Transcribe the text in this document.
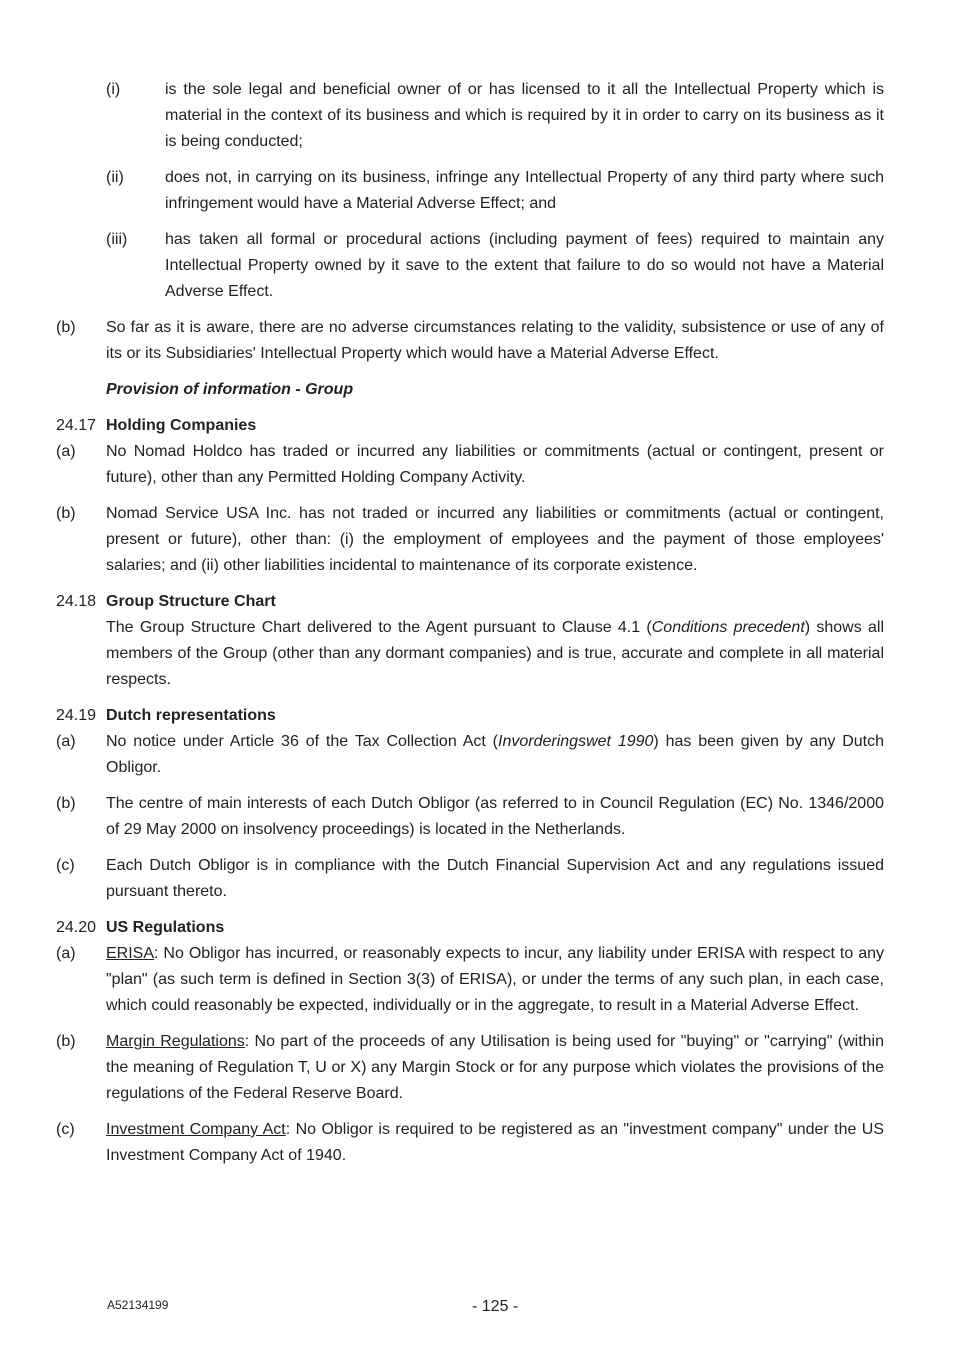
(i)	is the sole legal and beneficial owner of or has licensed to it all the Intellectual Property which is material in the context of its business and which is required by it in order to carry on its business as it is being conducted;
(ii)	does not, in carrying on its business, infringe any Intellectual Property of any third party where such infringement would have a Material Adverse Effect; and
(iii)	has taken all formal or procedural actions (including payment of fees) required to maintain any Intellectual Property owned by it save to the extent that failure to do so would not have a Material Adverse Effect.
(b)	So far as it is aware, there are no adverse circumstances relating to the validity, subsistence or use of any of its or its Subsidiaries' Intellectual Property which would have a Material Adverse Effect.
Provision of information - Group
24.17 Holding Companies
(a)	No Nomad Holdco has traded or incurred any liabilities or commitments (actual or contingent, present or future), other than any Permitted Holding Company Activity.
(b)	Nomad Service USA Inc. has not traded or incurred any liabilities or commitments (actual or contingent, present or future), other than: (i) the employment of employees and the payment of those employees' salaries; and (ii) other liabilities incidental to maintenance of its corporate existence.
24.18 Group Structure Chart
The Group Structure Chart delivered to the Agent pursuant to Clause 4.1 (Conditions precedent) shows all members of the Group (other than any dormant companies) and is true, accurate and complete in all material respects.
24.19 Dutch representations
(a)	No notice under Article 36 of the Tax Collection Act (Invorderingswet 1990) has been given by any Dutch Obligor.
(b)	The centre of main interests of each Dutch Obligor (as referred to in Council Regulation (EC) No. 1346/2000 of 29 May 2000 on insolvency proceedings) is located in the Netherlands.
(c)	Each Dutch Obligor is in compliance with the Dutch Financial Supervision Act and any regulations issued pursuant thereto.
24.20 US Regulations
(a)	ERISA: No Obligor has incurred, or reasonably expects to incur, any liability under ERISA with respect to any "plan" (as such term is defined in Section 3(3) of ERISA), or under the terms of any such plan, in each case, which could reasonably be expected, individually or in the aggregate, to result in a Material Adverse Effect.
(b)	Margin Regulations: No part of the proceeds of any Utilisation is being used for "buying" or "carrying" (within the meaning of Regulation T, U or X) any Margin Stock or for any purpose which violates the provisions of the regulations of the Federal Reserve Board.
(c)	Investment Company Act: No Obligor is required to be registered as an "investment company" under the US Investment Company Act of 1940.
A52134199	- 125 -
